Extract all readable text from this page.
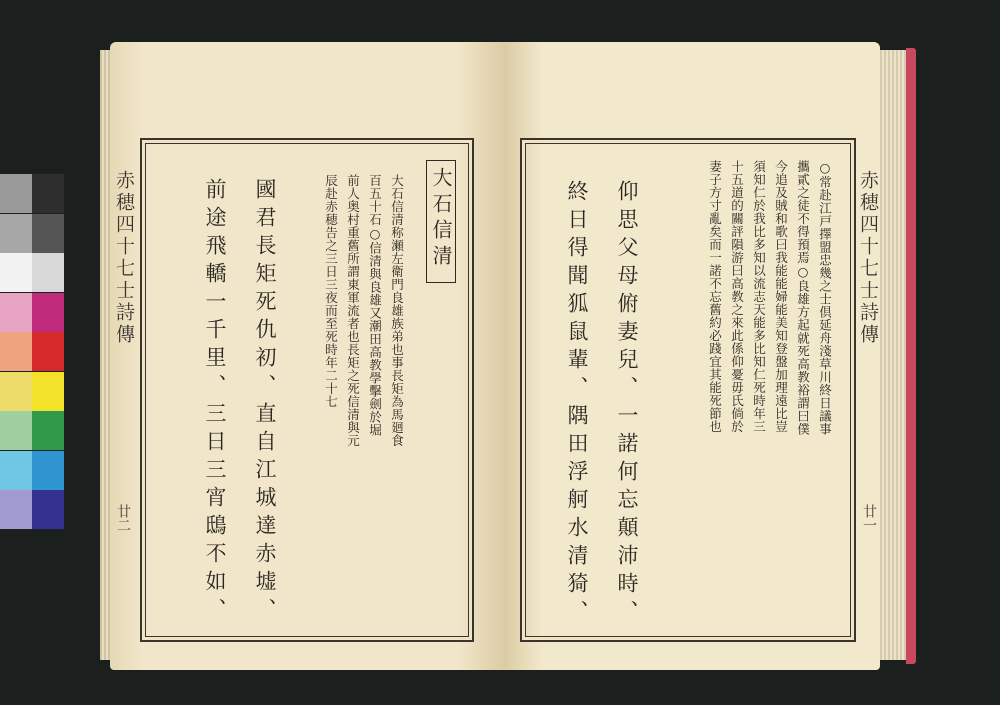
赤穂四十七士詩傳
廿二
大石信清
大石信清称瀬左衛門良雄族弟也事長矩為馬廻食
百五十石○信清與良雄又潮田高教學擊劍於堀
前人奥村重舊所謂東軍流者也長矩之死信清與元
辰赴赤穂告之三日三夜而至死時年二十七
國君長矩死仇初、直自江城達赤墟、
前途飛轎一千里、三日三宵鴟不如、	赤穂四十七士詩傳
廿一
○常赴江戸擇盟忠幾之士倶延舟淺草川終日議事
攜貳之徒不得預焉○良雄方起就死高教裕謂曰僕
今追及賊和歌曰我能能婦能美知登盤加理遠比豈
須知仁於我比多知以流志天能多比知仁死時年三
十五道的關評隕游曰高教之來此係仰憂毋氏倘於
妻子方寸亂矣而一諾不忘舊約必踐宜其能死節也
仰思父母俯妻兒、一諾何忘顛沛時、
終日得聞狐鼠輩、隅田浮舸水清猗、
